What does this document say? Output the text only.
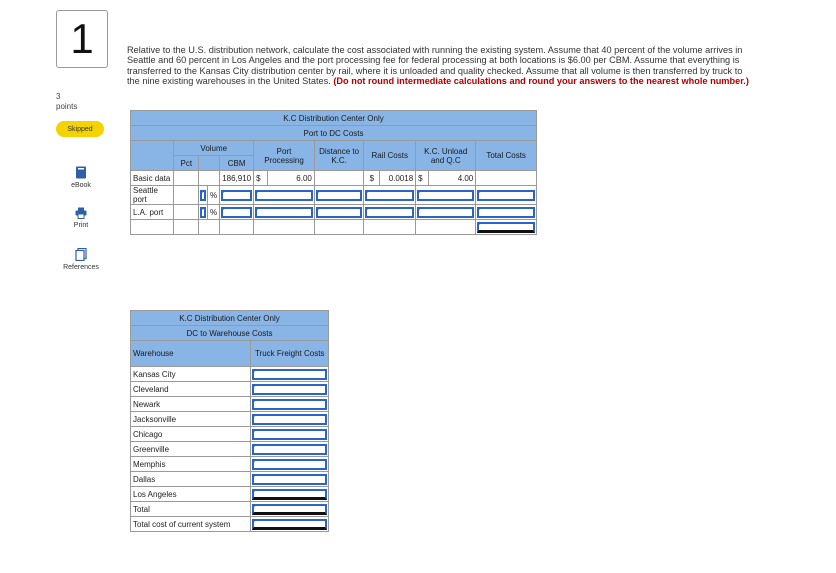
1
3
points
Skipped
eBook
Print
References
Relative to the U.S. distribution network, calculate the cost associated with running the existing system. Assume that 40 percent of the volume arrives in Seattle and 60 percent in Los Angeles and the port processing fee for federal processing at both locations is $6.00 per CBM. Assume that everything is transferred to the Kansas City distribution center by rail, where it is unloaded and quality checked. Assume that all volume is then transferred by truck to the nine existing warehouses in the United States. (Do not round intermediate calculations and round your answers to the nearest whole number.)
K.C Distribution Center Only												
Port to DC Costs												
	Volume				Port Processing		Distance to K.C.	Rail Costs		K.C. Unload and Q.C		Total Costs
	Pct			CBM								
Basic data				186,910	$	6.00		$	0.0018	$	4.00	
Seattle port			%				

L.A. port			%				

K.C Distribution Center Only	
DC to Warehouse Costs	
Warehouse	Truck Freight Costs
Kansas City	

Cleveland	

Newark	

Jacksonville	

Chicago	

Greenville	

Memphis	

Dallas	

Los Angeles	

Total	

Total cost of current system	
